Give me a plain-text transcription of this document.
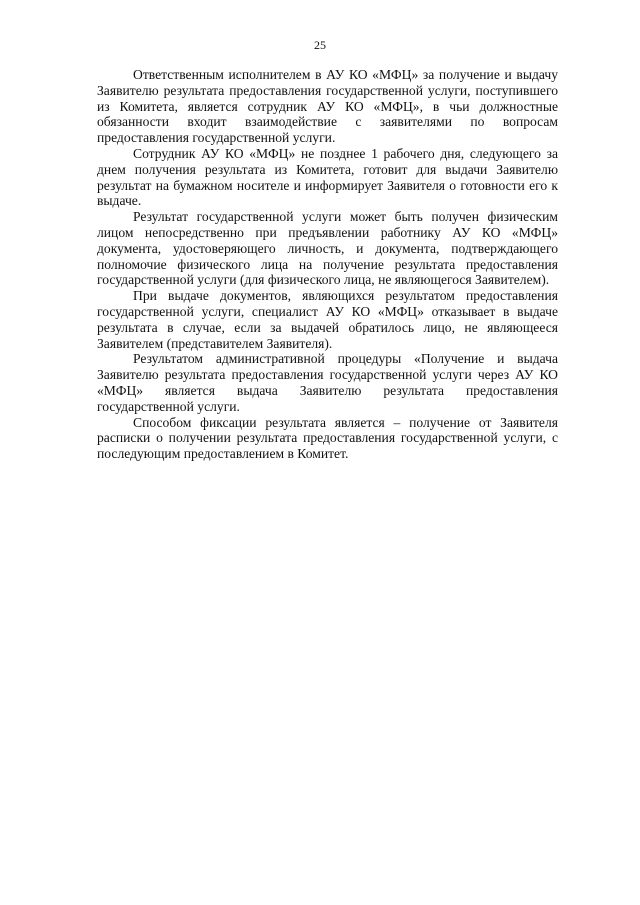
25

Ответственным исполнителем в АУ КО «МФЦ» за получение и выдачу Заявителю результата предоставления государственной услуги, поступившего из Комитета, является сотрудник АУ КО «МФЦ», в чьи должностные обязанности входит взаимодействие с заявителями по вопросам предоставления государственной услуги.

Сотрудник АУ КО «МФЦ» не позднее 1 рабочего дня, следующего за днем получения результата из Комитета, готовит для выдачи Заявителю результат на бумажном носителе и информирует Заявителя о готовности его к выдаче.

Результат государственной услуги может быть получен физическим лицом непосредственно при предъявлении работнику АУ КО «МФЦ» документа, удостоверяющего личность, и документа, подтверждающего полномочие физического лица на получение результата предоставления государственной услуги (для физического лица, не являющегося Заявителем).

При выдаче документов, являющихся результатом предоставления государственной услуги, специалист АУ КО «МФЦ» отказывает в выдаче результата в случае, если за выдачей обратилось лицо, не являющееся Заявителем (представителем Заявителя).

Результатом административной процедуры «Получение и выдача Заявителю результата предоставления государственной услуги через АУ КО «МФЦ» является выдача Заявителю результата предоставления государственной услуги.

Способом фиксации результата является – получение от Заявителя расписки о получении результата предоставления государственной услуги, с последующим предоставлением в Комитет.
